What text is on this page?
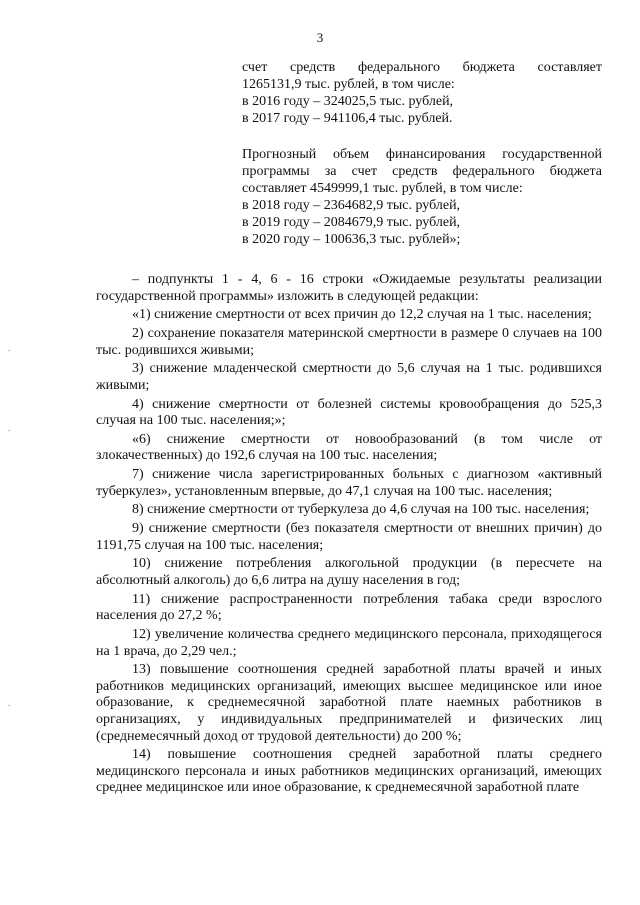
3

счет средств федерального бюджета составляет

1265131,9 тыс. рублей, в том числе:

в 2016 году – 324025,5 тыс. рублей,

в 2017 году – 941106,4 тыс. рублей.

Прогнозный объем финансирования государственной

программы за счет средств федерального бюджета

составляет 4549999,1 тыс. рублей, в том числе:

в 2018 году – 2364682,9 тыс. рублей,

в 2019 году – 2084679,9 тыс. рублей,

в 2020 году – 100636,3 тыс. рублей»;

– подпункты 1 - 4, 6 - 16 строки «Ожидаемые результаты реализации государственной программы» изложить в следующей редакции:

«1) снижение смертности от всех причин до 12,2 случая на 1 тыс. населения;

2) сохранение показателя материнской смертности в размере 0 случаев на 100 тыс. родившихся живыми;

3) снижение младенческой смертности до 5,6 случая на 1 тыс. родившихся живыми;

4) снижение смертности от болезней системы кровообращения до 525,3 случая на 100 тыс. населения;»;

«6) снижение смертности от новообразований (в том числе от злокачественных) до 192,6 случая на 100 тыс. населения;

7) снижение числа зарегистрированных больных с диагнозом «активный туберкулез», установленным впервые, до 47,1 случая на 100 тыс. населения;

8) снижение смертности от туберкулеза до 4,6 случая на 100 тыс. населения;

9) снижение смертности (без показателя смертности от внешних причин) до 1191,75 случая на 100 тыс. населения;

10) снижение потребления алкогольной продукции (в пересчете на абсолютный алкоголь) до 6,6 литра на душу населения в год;

11) снижение распространенности потребления табака среди взрослого населения до 27,2 %;

12) увеличение количества среднего медицинского персонала, приходящегося на 1 врача, до 2,29 чел.;

13) повышение соотношения средней заработной платы врачей и иных работников медицинских организаций, имеющих высшее медицинское или иное образование, к среднемесячной заработной плате наемных работников в организациях, у индивидуальных предпринимателей и физических лиц (среднемесячный доход от трудовой деятельности) до 200 %;

14) повышение соотношения средней заработной платы среднего медицинского персонала и иных работников медицинских организаций, имеющих среднее медицинское или иное образование, к среднемесячной заработной плате
